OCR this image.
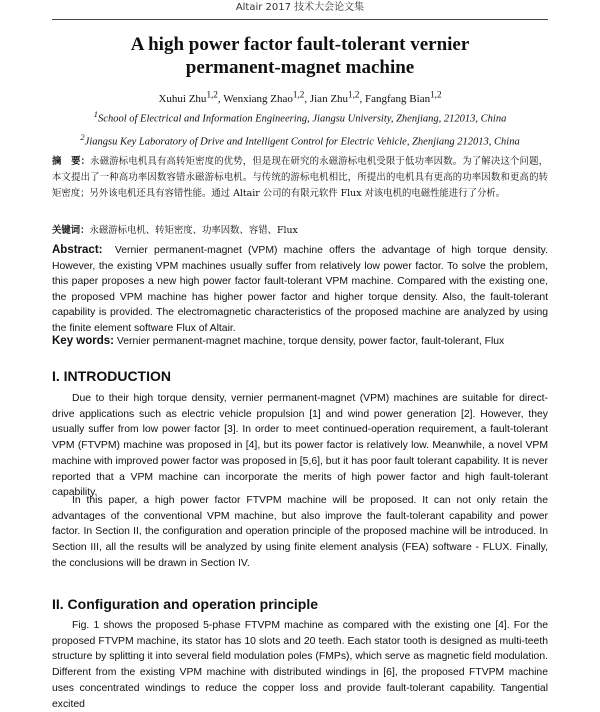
Altair 2017 技术大会论文集
A high power factor fault-tolerant vernier
permanent-magnet machine
Xuhui Zhu$^{1,2}$, Wenxiang Zhao$^{1,2}$, Jian Zhu$^{1,2}$, Fangfang Bian$^{1,2}$
$^1$School of Electrical and Information Engineering, Jiangsu University, Zhenjiang, 212013, China
$^2$Jiangsu Key Laboratory of Drive and Intelligent Control for Electric Vehicle, Zhenjiang 212013, China
摘　要：永磁游标电机具有高转矩密度的优势，但是现在研究的永磁游标电机受限于低功率因数。为了解决这个问题，本文提出了一种高功率因数容错永磁游标电机。与传统的游标电机相比，所提出的电机具有更高的功率因数和更高的转矩密度；另外该电机还具有容错性能。通过 Altair 公司的有限元软件 Flux 对该电机的电磁性能进行了分析。
关键词：永磁游标电机、转矩密度、功率因数、容错、Flux
Abstract: Vernier permanent-magnet (VPM) machine offers the advantage of high torque density. However, the existing VPM machines usually suffer from relatively low power factor. To solve the problem, this paper proposes a new high power factor fault-tolerant VPM machine. Compared with the existing one, the proposed VPM machine has higher power factor and higher torque density. Also, the fault-tolerant capability is provided. The electromagnetic characteristics of the proposed machine are analyzed by using the finite element software Flux of Altair.
Key words: Vernier permanent-magnet machine, torque density, power factor, fault-tolerant, Flux
I. INTRODUCTION

Due to their high torque density, vernier permanent-magnet (VPM) machines are suitable for direct-drive applications such as electric vehicle propulsion [1] and wind power generation [2]. However, they usually suffer from low power factor [3]. In order to meet continued-operation requirement, a fault-tolerant VPM (FTVPM) machine was proposed in [4], but its power factor is relatively low. Meanwhile, a novel VPM machine with improved power factor was proposed in [5,6], but it has poor fault tolerant capability. It is never reported that a VPM machine can incorporate the merits of high power factor and high fault-tolerant capability.

In this paper, a high power factor FTVPM machine will be proposed. It can not only retain the advantages of the conventional VPM machine, but also improve the fault-tolerant capability and power factor. In Section II, the configuration and operation principle of the proposed machine will be introduced. In Section III, all the results will be analyzed by using finite element analysis (FEA) software - FLUX. Finally, the conclusions will be drawn in Section IV.

II. Configuration and operation principle

Fig. 1 shows the proposed 5-phase FTVPM machine as compared with the existing one [4]. For the proposed FTVPM machine, its stator has 10 slots and 20 teeth. Each stator tooth is designed as multi-teeth structure by splitting it into several field modulation poles (FMPs), which serve as magnetic field modulation. Different from the existing VPM machine with distributed windings in [6], the proposed FTVPM machine uses concentrated windings to reduce the copper loss and provide fault-tolerant capability. Tangential excited
